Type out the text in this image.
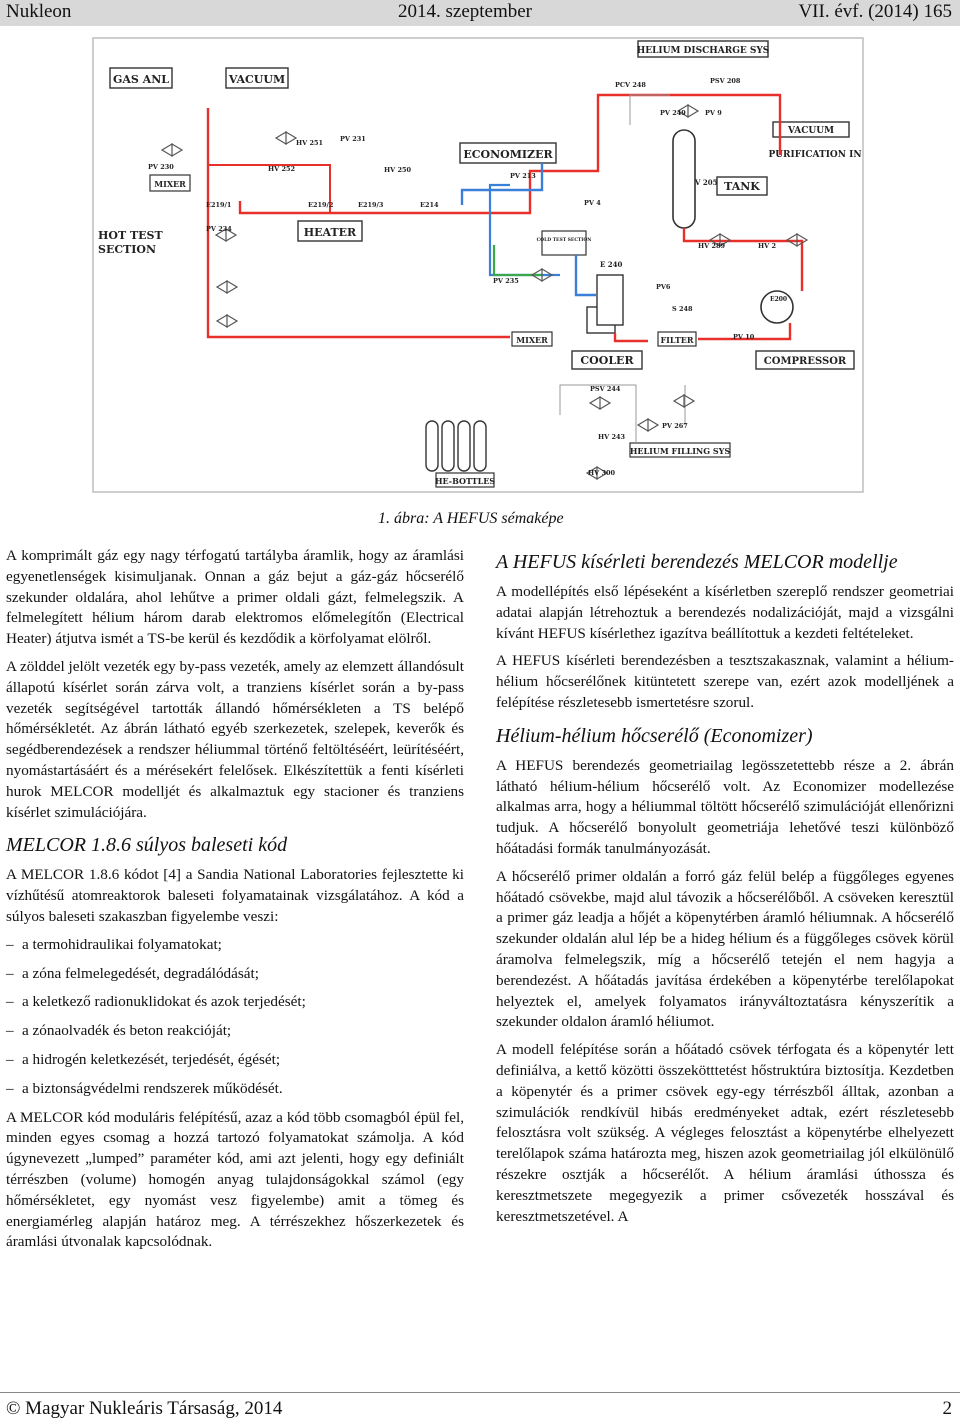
Nukleon	2014. szeptember	VII. évf. (2014) 165
HELIUM DISCHARGE SYS
GAS ANL	VACUUM
VACUUM
PURIFICATION IN
ECONOMIZER
TANK
V 205
MIXER
HOT TEST
SECTION
HEATER
COLD TEST SECTION
COOLER
MIXER	FILTER
COMPRESSOR
E200
HELIUM FILLING SYS
HE-BOTTLES
E 240
PCV 248	PSV 208
PV 249	PV 9
HV 251	PV 231
PV 230	HV 252	HV 250
PV 213
E219/1	E219/2	E219/3	E214
PV 234
PV 4
HV 289	HV 2
PV 235
PV6
S 248
PV 10
PSV 244
PV 267
HV 243
HV 300
1. ábra: A HEFUS sémaképe

A komprimált gáz egy nagy térfogatú tartályba áramlik, hogy az áramlási egyenetlenségek kisimuljanak. Onnan a gáz bejut a gáz-gáz hőcserélő szekunder oldalára, ahol lehűtve a primer oldali gázt, felmelegszik. A felmelegített hélium három darab elektromos előmelegítőn (Electrical Heater) átjutva ismét a TS-be kerül és kezdődik a körfolyamat elölről.

A zölddel jelölt vezeték egy by-pass vezeték, amely az elemzett állandósult állapotú kísérlet során zárva volt, a tranziens kísérlet során a by-pass vezeték segítségével tartották állandó hőmérsékleten a TS belépő hőmérsékletét. Az ábrán látható egyéb szerkezetek, szelepek, keverők és segédberendezések a rendszer héliummal történő feltöltéséért, leürítéséért, nyomástartásáért és a mérésekért felelősek. Elkészítettük a fenti kísérleti hurok MELCOR modelljét és alkalmaztuk egy stacioner és tranziens kísérlet szimulációjára.

MELCOR 1.8.6 súlyos baleseti kód

A MELCOR 1.8.6 kódot [4] a Sandia National Laboratories fejlesztette ki vízhűtésű atomreaktorok baleseti folyamatainak vizsgálatához. A kód a súlyos baleseti szakaszban figyelembe veszi:

– a termohidraulikai folyamatokat;
– a zóna felmelegedését, degradálódását;
– a keletkező radionuklidokat és azok terjedését;
– a zónaolvadék és beton reakcióját;
– a hidrogén keletkezését, terjedését, égését;
– a biztonságvédelmi rendszerek működését.

A MELCOR kód moduláris felépítésű, azaz a kód több csomagból épül fel, minden egyes csomag a hozzá tartozó folyamatokat számolja. A kód úgynevezett „lumped” paraméter kód, ami azt jelenti, hogy egy definiált térrészben (volume) homogén anyag tulajdonságokkal számol (egy hőmérsékletet, egy nyomást vesz figyelembe) amit a tömeg és energiamérleg alapján határoz meg. A térrészekhez hőszerkezetek és áramlási útvonalak kapcsolódnak.

A HEFUS kísérleti berendezés MELCOR modellje

A modellépítés első lépéseként a kísérletben szereplő rendszer geometriai adatai alapján létrehoztuk a berendezés nodalizációját, majd a vizsgálni kívánt HEFUS kísérlethez igazítva beállítottuk a kezdeti feltételeket.

A HEFUS kísérleti berendezésben a tesztszakasznak, valamint a hélium-hélium hőcserélőnek kitüntetett szerepe van, ezért azok modelljének a felépítése részletesebb ismertetésre szorul.

Hélium-hélium hőcserélő (Economizer)

A HEFUS berendezés geometriailag legösszetettebb része a 2. ábrán látható hélium-hélium hőcserélő volt. Az Economizer modellezése alkalmas arra, hogy a héliummal töltött hőcserélő szimulációját ellenőrizni tudjuk. A hőcserélő bonyolult geometriája lehetővé teszi különböző hőátadási formák tanulmányozását.

A hőcserélő primer oldalán a forró gáz felül belép a függőleges egyenes hőátadó csövekbe, majd alul távozik a hőcserélőből. A csöveken keresztül a primer gáz leadja a hőjét a köpenytérben áramló héliumnak. A hőcserélő szekunder oldalán alul lép be a hideg hélium és a függőleges csövek körül áramolva felmelegszik, míg a hőcserélő tetején el nem hagyja a berendezést. A hőátadás javítása érdekében a köpenytérbe terelőlapokat helyeztek el, amelyek folyamatos irányváltoztatásra kényszerítik a szekunder oldalon áramló héliumot.

A modell felépítése során a hőátadó csövek térfogata és a köpenytér lett definiálva, a kettő közötti összekötttetést hőstruktúra biztosítja. Kezdetben a köpenytér és a primer csövek egy-egy térrészből álltak, azonban a szimulációk rendkívül hibás eredményeket adtak, ezért részletesebb felosztásra volt szükség. A végleges felosztást a köpenytérbe elhelyezett terelőlapok száma határozta meg, hiszen azok geometriailag jól elkülönülő részekre osztják a hőcserélőt. A hélium áramlási úthossza és keresztmetszete megegyezik a primer csővezeték hosszával és keresztmetszetével. A

© Magyar Nukleáris Társaság, 2014	2
